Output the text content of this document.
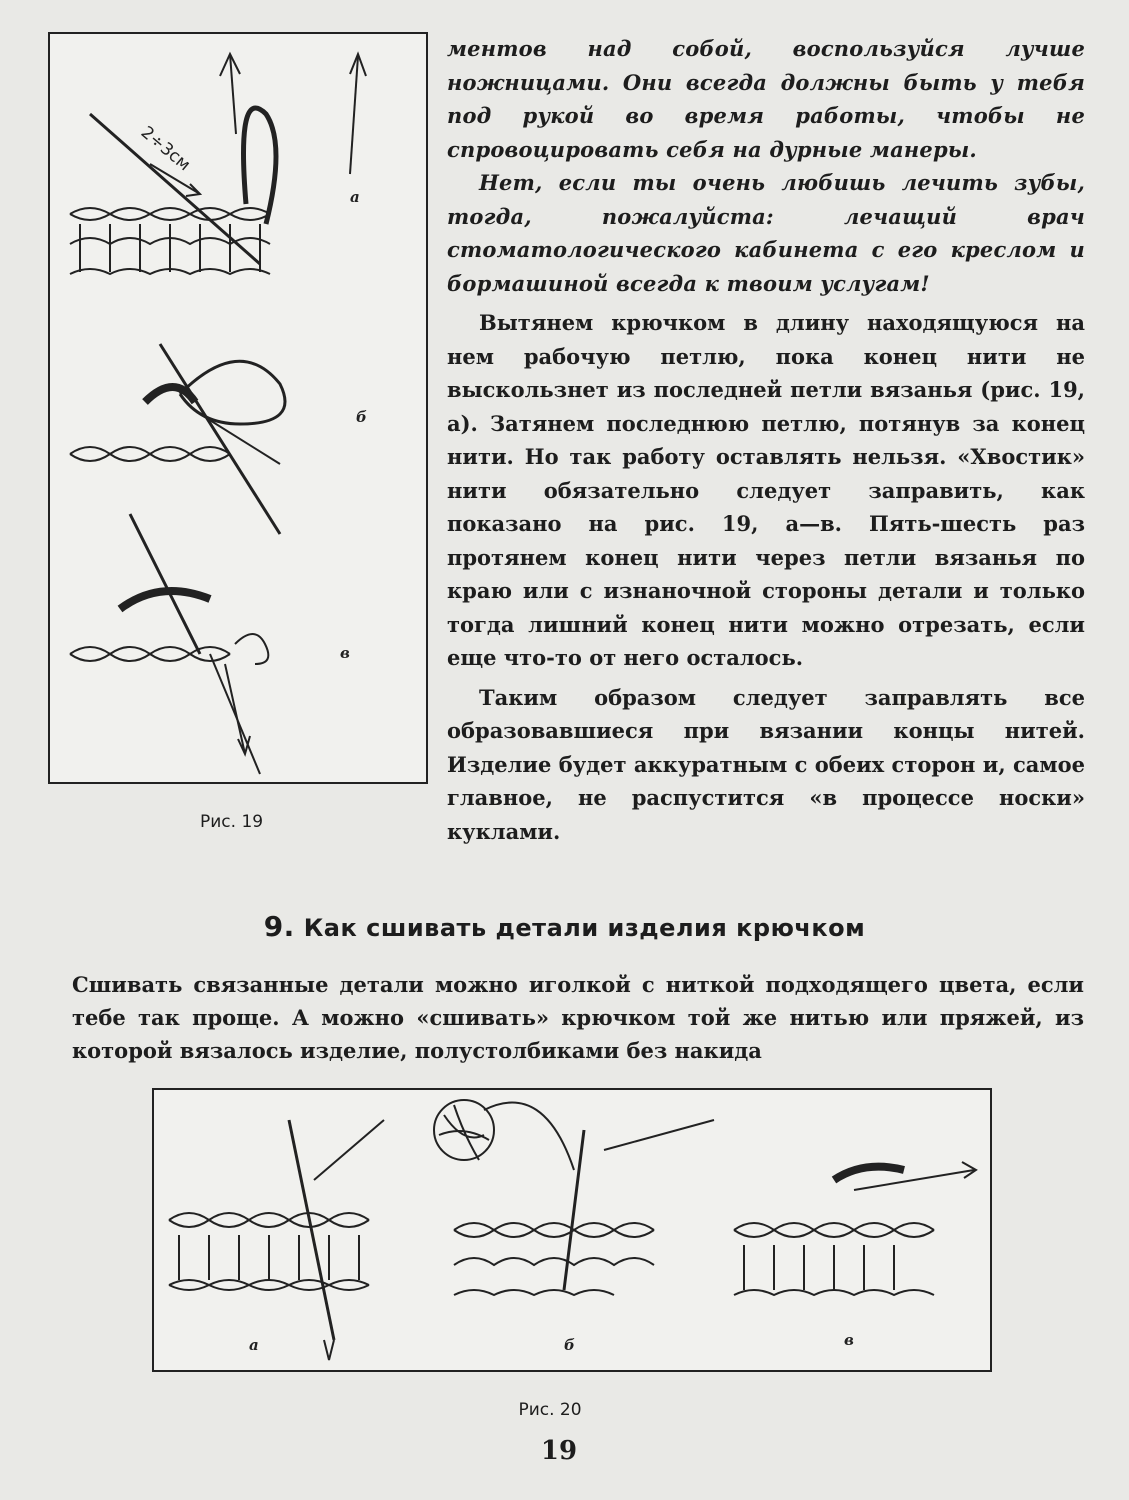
а
б
в
2÷3см
Рис. 19

ментов над собой, воспользуйся лучше ножницами. Они всегда должны быть у тебя под рукой во время работы, чтобы не спровоцировать себя на дурные манеры.

Нет, если ты очень любишь лечить зубы, тогда, пожалуйста: лечащий врач стоматологического кабинета с его креслом и бормашиной всегда к твоим услугам!

Вытянем крючком в длину находящуюся на нем рабочую петлю, пока конец нити не выскользнет из последней петли вязанья (рис. 19, а). Затянем последнюю петлю, потянув за конец нити. Но так работу оставлять нельзя. «Хвостик» нити обязательно следует заправить, как показано на рис. 19, а—в. Пять-шесть раз протянем конец нити через петли вязанья по краю или с изнаночной стороны детали и только тогда лишний конец нити можно отрезать, если еще что-то от него осталось.

Таким образом следует заправлять все образовавшиеся при вязании концы нитей. Изделие будет аккуратным с обеих сторон и, самое главное, не распустится «в процессе носки» куклами.

9. Как сшивать детали изделия крючком

Сшивать связанные детали можно иголкой с ниткой подходящего цвета, если тебе так проще. А можно «сшивать» крючком той же нитью или пряжей, из которой вязалось изделие, полустолбиками без накида

а	б	в
Рис. 20
19
